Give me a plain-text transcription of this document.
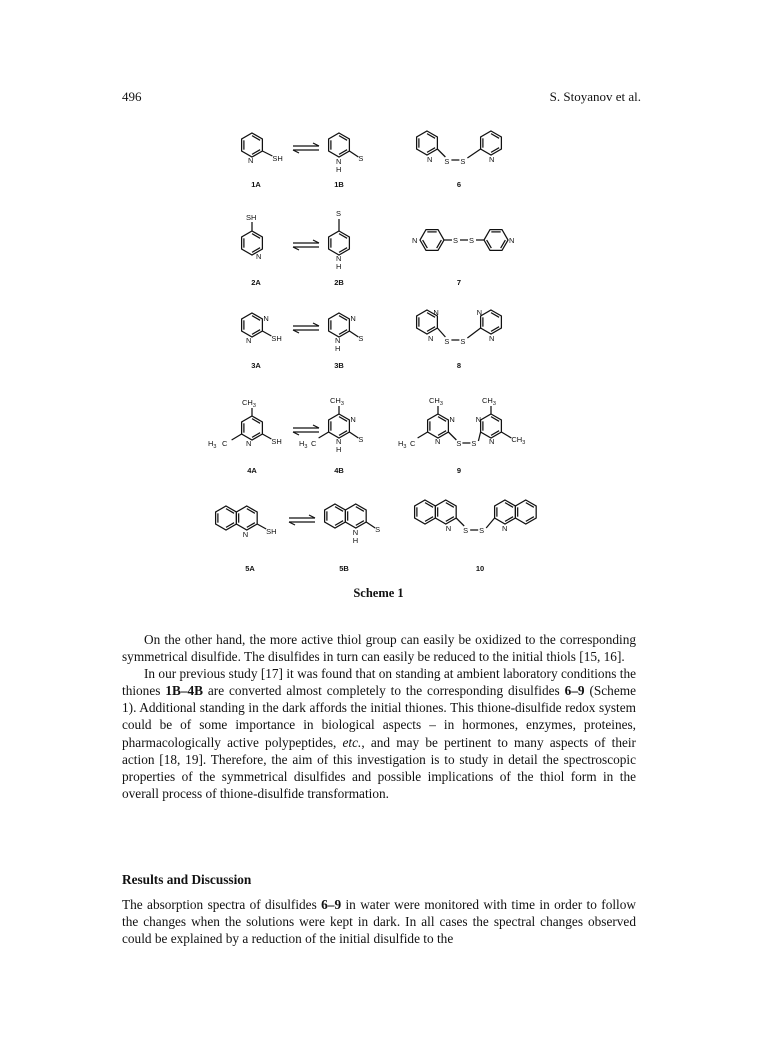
496	S. Stoyanov et al.
N	SH	N
H
S	N S S	N
1A	1B	6
SH
N
S
N
H
N	S S	N
2A	2B	7
N
N	SH
N
N
H
S
N
N S S
N
N
3A	3B	8
$CH_3$
N
$H_3$ C	SH
$CH_3$
N
N
H
$H_3$ C	S
$CH_3$
N
N
$H_3$ C	S S
$CH_3$
N
N $CH_3$
4A	4B	9
N SH	N
H
S	N S S N
5A	5B	10
Scheme 1

On the other hand, the more active thiol group can easily be oxidized to the corresponding symmetrical disulfide. The disulfides in turn can easily be reduced to the initial thiols [15, 16].

In our previous study [17] it was found that on standing at ambient laboratory conditions the thiones 1B–4B are converted almost completely to the corresponding disulfides 6–9 (Scheme 1). Additional standing in the dark affords the initial thiones. This thione-disulfide redox system could be of some importance in biological aspects – in hormones, enzymes, proteines, pharmacologically active polypeptides, etc., and may be pertinent to many aspects of their action [18, 19]. Therefore, the aim of this investigation is to study in detail the spectroscopic properties of the symmetrical disulfides and possible implications of the thiol form in the overall process of thione-disulfide transformation.

Results and Discussion

The absorption spectra of disulfides 6–9 in water were monitored with time in order to follow the changes when the solutions were kept in dark. In all cases the spectral changes observed could be explained by a reduction of the initial disulfide to the
